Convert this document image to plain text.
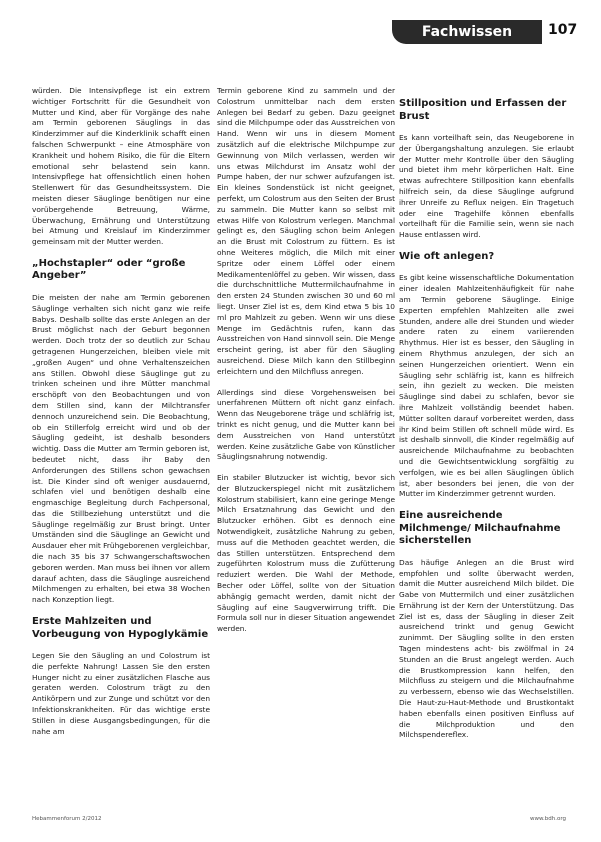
Fachwissen	107

würden. Die Intensivpflege ist ein extrem wichtiger Fortschritt für die Gesundheit von Mutter und Kind, aber für Vorgänge des nahe am Termin geborenen Säuglings in das Kinderzimmer auf die Kinderklinik schafft einen falschen Schwerpunkt – eine Atmosphäre von Krankheit und hohem Risiko, die für die Eltern emotional sehr belastend sein kann. Intensivpflege hat offensichtlich einen hohen Stellenwert für das Gesundheitssystem. Die meisten dieser Säuglinge benötigen nur eine vorübergehende Betreuung, Wärme, Überwachung, Ernährung und Unterstützung bei Atmung und Kreislauf im Kinderzimmer gemeinsam mit der Mutter werden.

„Hochstapler“ oder “große Angeber”

Die meisten der nahe am Termin geborenen Säuglinge verhalten sich nicht ganz wie reife Babys. Deshalb sollte das erste Anlegen an der Brust möglichst nach der Geburt begonnen werden. Doch trotz der so deutlich zur Schau getragenen Hungerzeichen, bleiben viele mit „großen Augen“ und ohne Verhaltenszeichen ans Stillen. Obwohl diese Säuglinge gut zu trinken scheinen und ihre Mütter manchmal erschöpft von den Beobachtungen und von dem Stillen sind, kann der Milchtransfer dennoch unzureichend sein. Die Beobachtung, ob ein Stillerfolg erreicht wird und ob der Säugling gedeiht, ist deshalb besonders wichtig. Dass die Mutter am Termin geboren ist, bedeutet nicht, dass ihr Baby den Anforderungen des Stillens schon gewachsen ist. Die Kinder sind oft weniger ausdauernd, schlafen viel und benötigen deshalb eine engmaschige Begleitung durch Fachpersonal, das die Stillbeziehung unterstützt und die Säuglinge regelmäßig zur Brust bringt. Unter Umständen sind die Säuglinge an Gewicht und Ausdauer eher mit Frühgeborenen vergleichbar, die nach 35 bis 37 Schwangerschaftswochen geboren werden. Man muss bei ihnen vor allem darauf achten, dass die Säuglinge ausreichend Milchmengen zu erhalten, bei etwa 38 Wochen nach Konzeption liegt.

Erste Mahlzeiten und Vorbeugung von Hypoglykämie

Legen Sie den Säugling an und Colostrum ist die perfekte Nahrung! Lassen Sie den ersten Hunger nicht zu einer zusätzlichen Flasche aus geraten werden. Colostrum trägt zu den Antikörpern und zur Zunge und schützt vor den Infektionskrankheiten. Für das wichtige erste Stillen in diese Ausgangsbedingungen, für die nahe am

Termin geborene Kind zu sammeln und der Colostrum unmittelbar nach dem ersten Anlegen bei Bedarf zu geben. Dazu geeignet sind die Milchpumpe oder das Ausstreichen von Hand. Wenn wir uns in diesem Moment zusätzlich auf die elektrische Milchpumpe zur Gewinnung von Milch verlassen, werden wir uns etwas Milchdurst im Ansatz wohl der Pumpe haben, der nur schwer aufzufangen ist. Ein kleines Sondenstück ist nicht geeignet, perfekt, um Colostrum aus den Seiten der Brust zu sammeln. Die Mutter kann so selbst mit etwas Hilfe von Kolostrum verlegen. Manchmal gelingt es, den Säugling schon beim Anlegen an die Brust mit Colostrum zu füttern. Es ist ohne Weiteres möglich, die Milch mit einer Spritze oder einem Löffel oder einem Medikamentenlöffel zu geben. Wir wissen, dass die durchschnittliche Muttermilchaufnahme in den ersten 24 Stunden zwischen 30 und 60 ml liegt. Unser Ziel ist es, dem Kind etwa 5 bis 10 ml pro Mahlzeit zu geben. Wenn wir uns diese Menge im Gedächtnis rufen, kann das Ausstreichen von Hand sinnvoll sein. Die Menge erscheint gering, ist aber für den Säugling ausreichend. Diese Milch kann den Stillbeginn erleichtern und den Milchfluss anregen.

Allerdings sind diese Vorgehensweisen bei unerfahrenen Müttern oft nicht ganz einfach. Wenn das Neugeborene träge und schläfrig ist, trinkt es nicht genug, und die Mutter kann bei dem Ausstreichen von Hand unterstützt werden. Keine zusätzliche Gabe von Künstlicher Säuglingsnahrung notwendig.

Ein stabiler Blutzucker ist wichtig, bevor sich der Blutzuckerspiegel nicht mit zusätzlichem Kolostrum stabilisiert, kann eine geringe Menge Milch Ersatznahrung das Gewicht und den Blutzucker erhöhen. Gibt es dennoch eine Notwendigkeit, zusätzliche Nahrung zu geben, muss auf die Methoden geachtet werden, die das Stillen unterstützen. Entsprechend dem zugeführten Kolostrum muss die Zufütterung reduziert werden. Die Wahl der Methode, Becher oder Löffel, sollte von der Situation abhängig gemacht werden, damit nicht der Säugling auf eine Saugverwirrung trifft. Die Formula soll nur in dieser Situation angewendet werden.

Stillposition und Erfassen der Brust

Es kann vorteilhaft sein, das Neugeborene in der Übergangshaltung anzulegen. Sie erlaubt der Mutter mehr Kontrolle über den Säugling und bietet ihm mehr körperlichen Halt. Eine etwas aufrechtere Stillposition kann ebenfalls hilfreich sein, da diese Säuglinge aufgrund ihrer Unreife zu Reflux neigen. Ein Tragetuch oder eine Tragehilfe können ebenfalls vorteilhaft für die Familie sein, wenn sie nach Hause entlassen wird.

Wie oft anlegen?

Es gibt keine wissenschaftliche Dokumentation einer idealen Mahlzeitenhäufigkeit für nahe am Termin geborene Säuglinge. Einige Experten empfehlen Mahlzeiten alle zwei Stunden, andere alle drei Stunden und wieder andere raten zu einem variierenden Rhythmus. Hier ist es besser, den Säugling in einem Rhythmus anzulegen, der sich an seinen Hungerzeichen orientiert. Wenn ein Säugling sehr schläfrig ist, kann es hilfreich sein, ihn gezielt zu wecken. Die meisten Säuglinge sind dabei zu schlafen, bevor sie ihre Mahlzeit vollständig beendet haben. Mütter sollten darauf vorbereitet werden, dass ihr Kind beim Stillen oft schnell müde wird. Es ist deshalb sinnvoll, die Kinder regelmäßig auf ausreichende Milchaufnahme zu beobachten und die Gewichtsentwicklung sorgfältig zu verfolgen, wie es bei allen Säuglingen üblich ist, aber besonders bei jenen, die von der Mutter im Kinderzimmer getrennt wurden.

Eine ausreichende Milchmenge/ Milchaufnahme sicherstellen

Das häufige Anlegen an die Brust wird empfohlen und sollte überwacht werden, damit die Mutter ausreichend Milch bildet. Die Gabe von Muttermilch und einer zusätzlichen Ernährung ist der Kern der Unterstützung. Das Ziel ist es, dass der Säugling in dieser Zeit ausreichend trinkt und genug Gewicht zunimmt. Der Säugling sollte in den ersten Tagen mindestens acht- bis zwölfmal in 24 Stunden an die Brust angelegt werden. Auch die Brustkompression kann helfen, den Milchfluss zu steigern und die Milchaufnahme zu verbessern, ebenso wie das Wechselstillen. Die Haut-zu-Haut-Methode und Brustkontakt haben ebenfalls einen positiven Einfluss auf die Milchproduktion und den Milchspendereflex.

Hebammenforum 2/2012	www.bdh.org
